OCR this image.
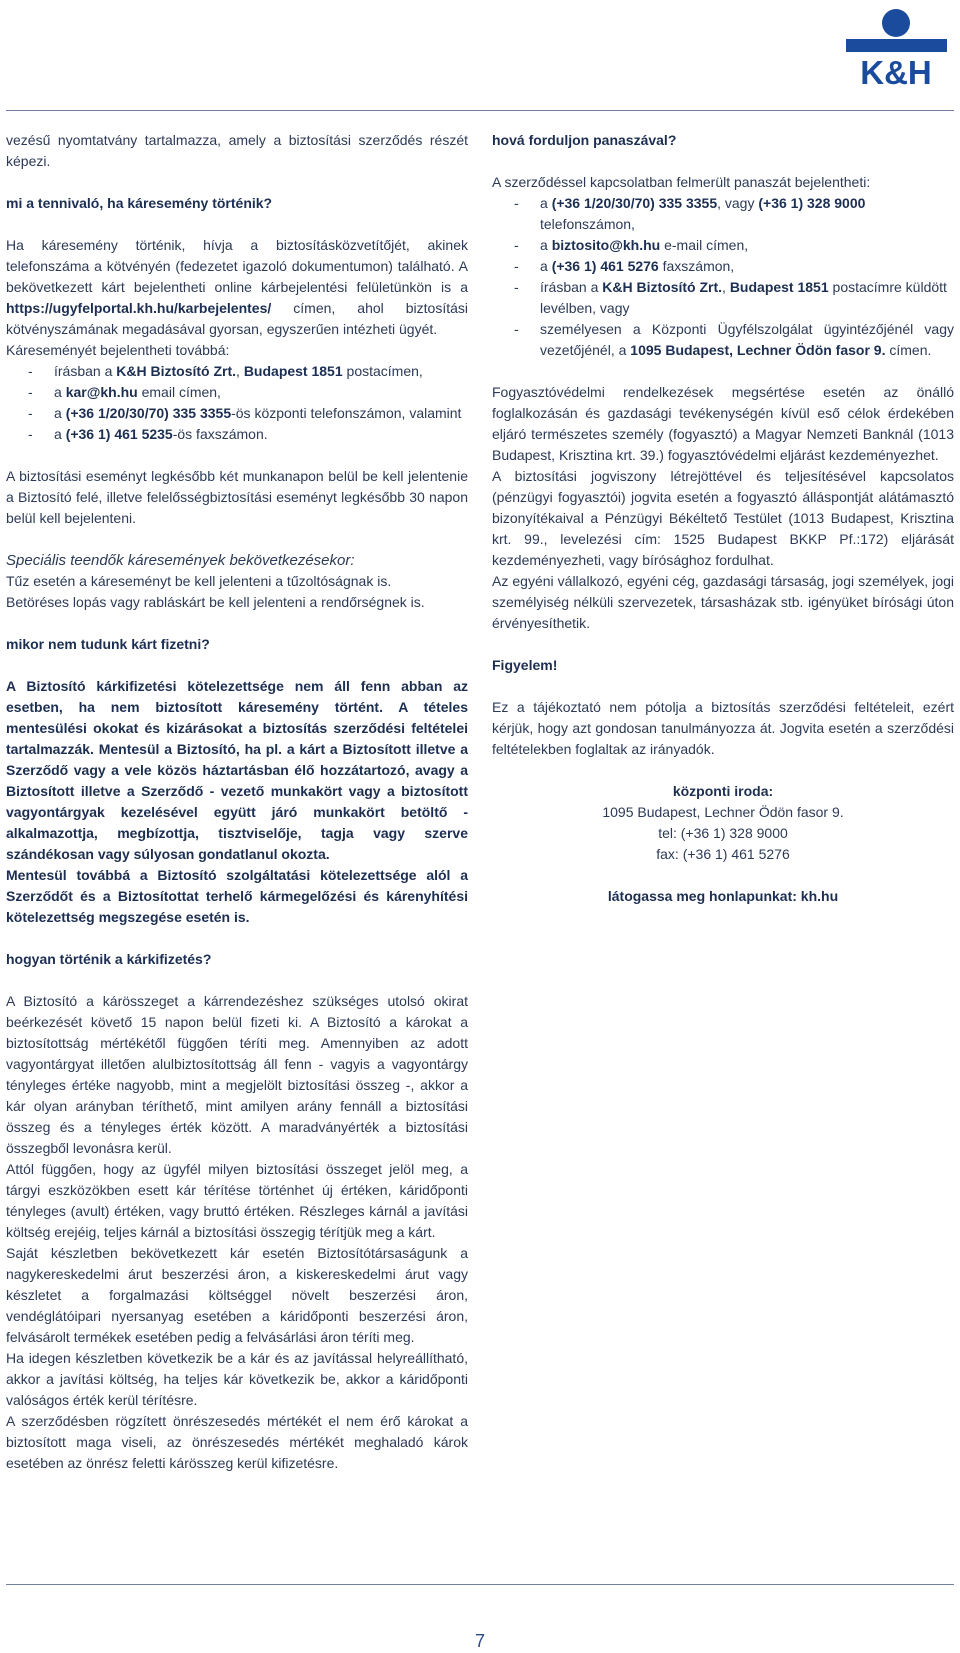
K&H

vezésű nyomtatvány tartalmazza, amely a biztosítási szerződés részét képezi.

mi a tennivaló, ha káresemény történik?

Ha káresemény történik, hívja a biztosításközvetítőjét, akinek telefonszáma a kötvényén (fedezetet igazoló dokumentumon) található. A bekövetkezett kárt bejelentheti online kárbejelentési felületünkön is a https://ugyfelportal.kh.hu/karbejelentes/ címen, ahol biztosítási kötvényszámának megadásával gyorsan, egyszerűen intézheti ügyét.

Káreseményét bejelentheti továbbá:

-	írásban a K&H Biztosító Zrt., Budapest 1851 postacímen,
-	a kar@kh.hu email címen,
-	a (+36 1/20/30/70) 335 3355-ös központi telefonszámon, valamint
-	a (+36 1) 461 5235-ös faxszámon.

A biztosítási eseményt legkésőbb két munkanapon belül be kell jelentenie a Biztosító felé, illetve felelősségbiztosítási eseményt legkésőbb 30 napon belül kell bejelenteni.

Speciális teendők káresemények bekövetkezésekor:

Tűz esetén a káreseményt be kell jelenteni a tűzoltóságnak is.

Betöréses lopás vagy rabláskárt be kell jelenteni a rendőrségnek is.

mikor nem tudunk kárt fizetni?

A Biztosító kárkifizetési kötelezettsége nem áll fenn abban az esetben, ha nem biztosított káresemény történt. A tételes mentesülési okokat és kizárásokat a biztosítás szerződési feltételei tartalmazzák. Mentesül a Biztosító, ha pl. a kárt a Biztosított illetve a Szerződő vagy a vele közös háztartásban élő hozzátartozó, avagy a Biztosított illetve a Szerződő - vezető munkakört vagy a biztosított vagyontárgyak kezelésével együtt járó munkakört betöltő - alkalmazottja, megbízottja, tisztviselője, tagja vagy szerve szándékosan vagy súlyosan gondatlanul okozta.

Mentesül továbbá a Biztosító szolgáltatási kötelezettsége alól a Szerződőt és a Biztosítottat terhelő kármegelőzési és kárenyhítési kötelezettség megszegése esetén is.

hogyan történik a kárkifizetés?

A Biztosító a kárösszeget a kárrendezéshez szükséges utolsó okirat beérkezését követő 15 napon belül fizeti ki. A Biztosító a károkat a biztosítottság mértékétől függően téríti meg. Amennyiben az adott vagyontárgyat illetően alulbiztosítottság áll fenn - vagyis a vagyontárgy tényleges értéke nagyobb, mint a megjelölt biztosítási összeg -, akkor a kár olyan arányban téríthető, mint amilyen arány fennáll a biztosítási összeg és a tényleges érték között. A maradványérték a biztosítási összegből levonásra kerül.

Attól függően, hogy az ügyfél milyen biztosítási összeget jelöl meg, a tárgyi eszközökben esett kár térítése történhet új értéken, káridőponti tényleges (avult) értéken, vagy bruttó értéken. Részleges kárnál a javítási költség erejéig, teljes kárnál a biztosítási összegig térítjük meg a kárt.

Saját készletben bekövetkezett kár esetén Biztosítótársaságunk a nagykereskedelmi árut beszerzési áron, a kiskereskedelmi árut vagy készletet a forgalmazási költséggel növelt beszerzési áron, vendéglátóipari nyersanyag esetében a káridőponti beszerzési áron, felvásárolt termékek esetében pedig a felvásárlási áron téríti meg.

Ha idegen készletben következik be a kár és az javítással helyreállítható, akkor a javítási költség, ha teljes kár következik be, akkor a káridőponti valóságos érték kerül térítésre.

A szerződésben rögzített önrészesedés mértékét el nem érő károkat a biztosított maga viseli, az önrészesedés mértékét meghaladó károk esetében az önrész feletti kárösszeg kerül kifizetésre.

hová forduljon panaszával?

A szerződéssel kapcsolatban felmerült panaszát bejelentheti:

-	a (+36 1/20/30/70) 335 3355, vagy (+36 1) 328 9000 telefonszámon,
-	a biztosito@kh.hu e-mail címen,
-	a (+36 1) 461 5276 faxszámon,
-	írásban a K&H Biztosító Zrt., Budapest 1851 postacímre küldött levélben, vagy
-	személyesen a Központi Ügyfélszolgálat ügyintézőjénél vagy vezetőjénél, a 1095 Budapest, Lechner Ödön fasor 9. címen.

Fogyasztóvédelmi rendelkezések megsértése esetén az önálló foglalkozásán és gazdasági tevékenységén kívül eső célok érdekében eljáró természetes személy (fogyasztó) a Magyar Nemzeti Banknál (1013 Budapest, Krisztina krt. 39.) fogyasztóvédelmi eljárást kezdeményezhet.

A biztosítási jogviszony létrejöttével és teljesítésével kapcsolatos (pénzügyi fogyasztói) jogvita esetén a fogyasztó álláspontját alátámasztó bizonyítékaival a Pénzügyi Békéltető Testület (1013 Budapest, Krisztina krt. 99., levelezési cím: 1525 Budapest BKKP Pf.:172) eljárását kezdeményezheti, vagy bírósághoz fordulhat.

Az egyéni vállalkozó, egyéni cég, gazdasági társaság, jogi személyek, jogi személyiség nélküli szervezetek, társasházak stb. igényüket bírósági úton érvényesíthetik.

Figyelem!

Ez a tájékoztató nem pótolja a biztosítás szerződési feltételeit, ezért kérjük, hogy azt gondosan tanulmányozza át. Jogvita esetén a szerződési feltételekben foglaltak az irányadók.

központi iroda:

1095 Budapest, Lechner Ödön fasor 9.

tel: (+36 1) 328 9000

fax: (+36 1) 461 5276

látogassa meg honlapunkat: kh.hu

7
